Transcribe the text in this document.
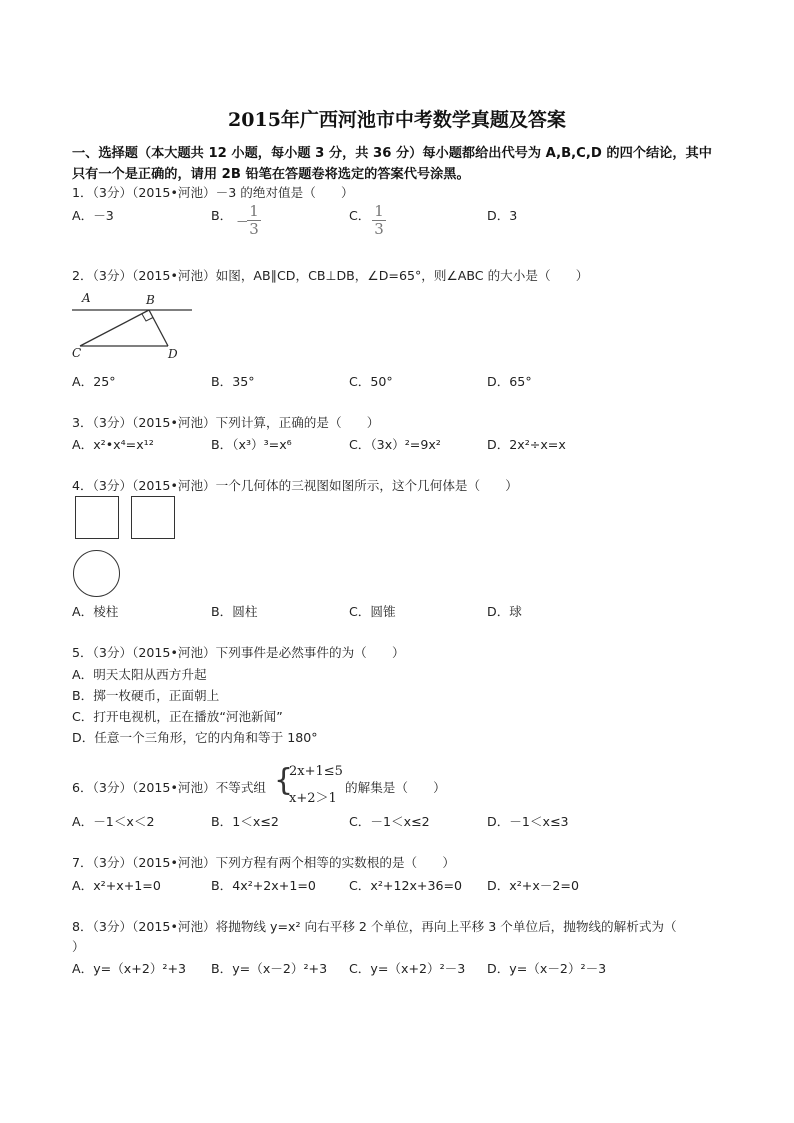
2015年广西河池市中考数学真题及答案
一、选择题（本大题共 12 小题，每小题 3 分，共 36 分）每小题都给出代号为 A,B,C,D 的四个结论，其中
只有一个是正确的，请用 2B 铅笔在答题卷将选定的答案代号涂黑。
1．（3分）（2015•河池）－3 的绝对值是（　　）
A．－3	B． －
1
3
C． 1
3
D．3
2．（3分）（2015•河池）如图，AB∥CD，CB⊥DB，∠D=65°，则∠ABC 的大小是（　　）
A	B
C	D
A．25°	B．35°	C．50°	D．65°
3．（3分）（2015•河池）下列计算，正确的是（　　）
A．x²•x⁴=x¹²	B．（x³）³=x⁶	C．（3x）²=9x²	D．2x²÷x=x
4．（3分）（2015•河池）一个几何体的三视图如图所示，这个几何体是（　　）
A．棱柱	B．圆柱	C．圆锥	D．球
5．（3分）（2015•河池）下列事件是必然事件的为（　　）
A．明天太阳从西方升起
B．掷一枚硬币，正面朝上
C．打开电视机，正在播放“河池新闻”
D．任意一个三角形，它的内角和等于 180°
6．（3分）（2015•河池）不等式组 {
2x+1≤5
x+2＞1
的解集是（　　）
A．－1＜x＜2	B．1＜x≤2	C．－1＜x≤2	D．－1＜x≤3
7．（3分）（2015•河池）下列方程有两个相等的实数根的是（　　）
A．x²+x+1=0	B．4x²+2x+1=0	C．x²+12x+36=0 D．x²+x－2=0
8．（3分）（2015•河池）将抛物线 y=x² 向右平移 2 个单位，再向上平移 3 个单位后，抛物线的解析式为（
）
A．y=（x+2）²+3 B．y=（x－2）²+3 C．y=（x+2）²－3 D．y=（x－2）²－3
